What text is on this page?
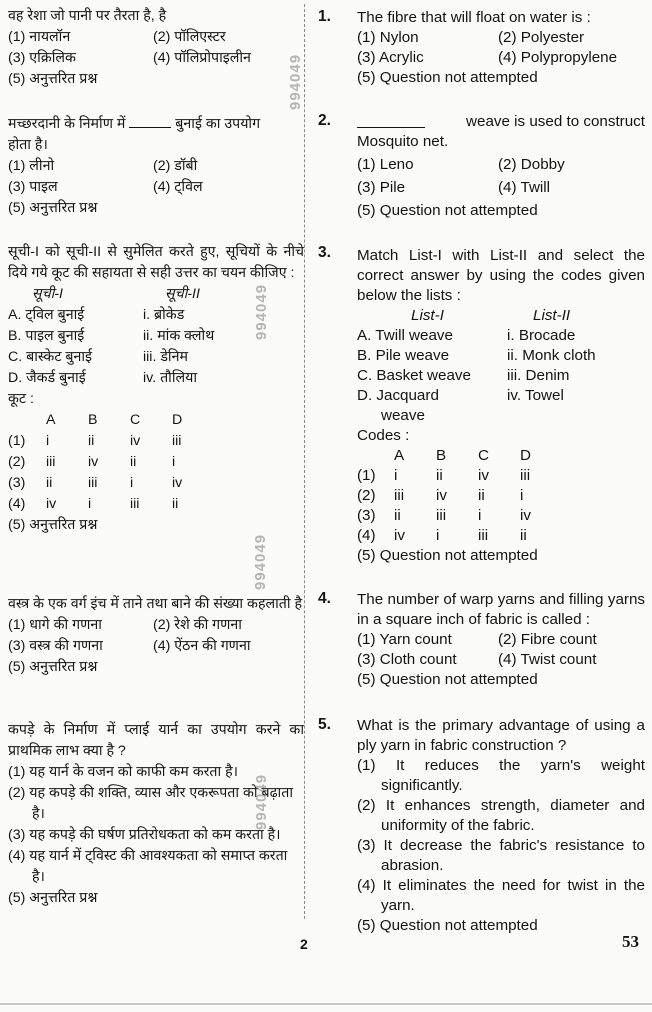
994049
994049
994049
994049
1.
2.
3.
4.
5.
वह रेशा जो पानी पर तैरता है, है
(1) नायलॉन	(2) पॉलिएस्टर
(3) एक्रिलिक	(4) पॉलिप्रोपाइलीन
(5) अनुत्तरित प्रश्न
मच्छरदानी के निर्माण में	बुनाई का उपयोग
होता है।
(1) लीनो	(2) डॉबी
(3) पाइल	(4) ट्विल
(5) अनुत्तरित प्रश्न
सूची-I को सूची-II से सुमेलित करते हुए, सूचियों के नीचे दिये गये कूट की सहायता से सही उत्तर का चयन कीजिए :
सूची-I	सूची-II
A. ट्विल बुनाई	i. ब्रोकेड
B. पाइल बुनाई	ii. मांक क्लोथ
C. बास्केट बुनाई	iii. डेनिम
D. जैकर्ड बुनाई	iv. तौलिया
कूट :
A	B	C	D
(1)	i	ii	iv	iii
(2)	iii	iv	ii	i
(3)	ii	iii	i	iv
(4)	iv	i	iii	ii
(5) अनुत्तरित प्रश्न
वस्त्र के एक वर्ग इंच में ताने तथा बाने की संख्या कहलाती है
(1) धागे की गणना	(2) रेशे की गणना
(3) वस्त्र की गणना	(4) ऐंठन की गणना
(5) अनुत्तरित प्रश्न
कपड़े के निर्माण में प्लाई यार्न का उपयोग करने का प्राथमिक लाभ क्या है ?
(1) यह यार्न के वजन को काफी कम करता है।
(2) यह कपड़े की शक्ति, व्यास और एकरूपता को बढ़ाता है।
(3) यह कपड़े की घर्षण प्रतिरोधकता को कम करता है।
(4) यह यार्न में ट्विस्ट की आवश्यकता को समाप्त करता है।
(5) अनुत्तरित प्रश्न
The fibre that will float on water is :
(1) Nylon	(2) Polyester
(3) Acrylic	(4) Polypropylene
(5) Question not attempted
weave is used to construct
Mosquito net.
(1) Leno	(2) Dobby
(3) Pile	(4) Twill
(5) Question not attempted
Match List-I with List-II and select the correct answer by using the codes given below the lists :
List-I	List-II
A. Twill weave	i. Brocade
B. Pile weave	ii. Monk cloth
C. Basket weave	iii. Denim
D. Jacquard	iv. Towel
weave
Codes :
A	B	C	D
(1)	i	ii	iv	iii
(2)	iii	iv	ii	i
(3)	ii	iii	i	iv
(4)	iv	i	iii	ii
(5) Question not attempted
The number of warp yarns and filling yarns in a square inch of fabric is called :
(1) Yarn count	(2) Fibre count
(3) Cloth count	(4) Twist count
(5) Question not attempted
What is the primary advantage of using a ply yarn in fabric construction ?
(1) It reduces the yarn's weight significantly.
(2) It enhances strength, diameter and uniformity of the fabric.
(3) It decrease the fabric's resistance to abrasion.
(4) It eliminates the need for twist in the yarn.
(5) Question not attempted
2	53
